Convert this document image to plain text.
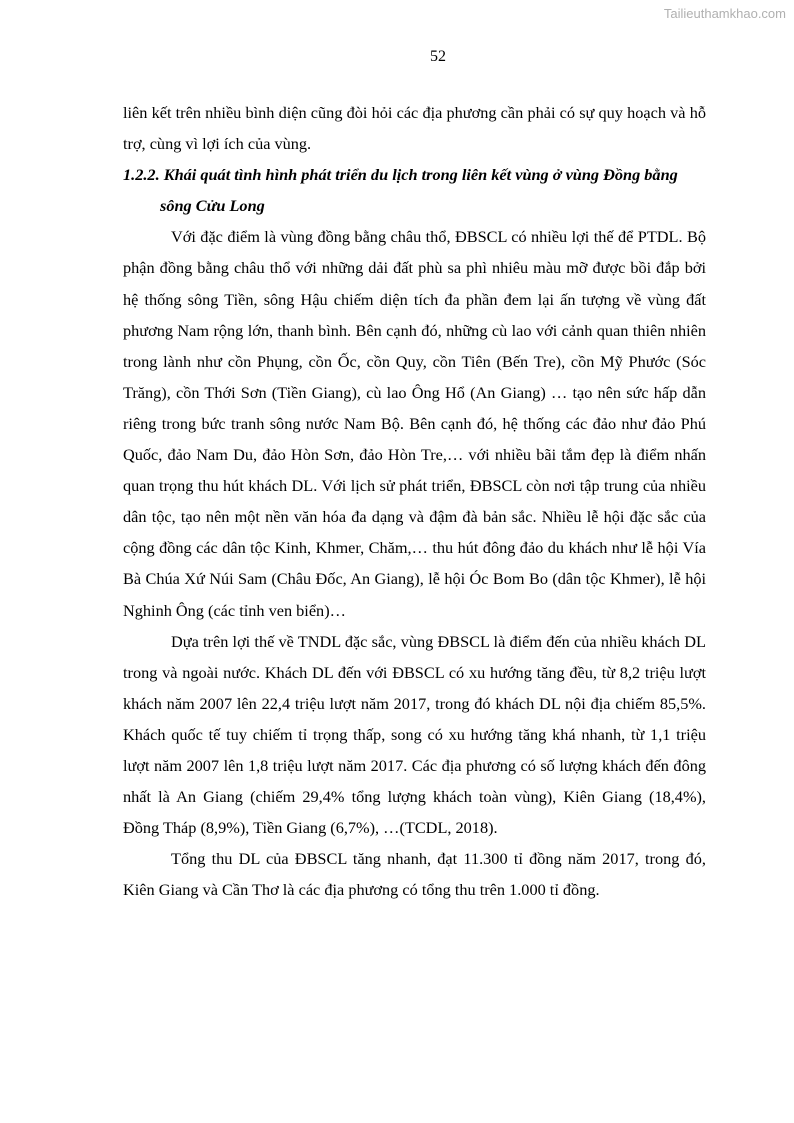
Tailieuthamkhao.com
52

liên kết trên nhiều bình diện cũng đòi hỏi các địa phương cần phải có sự quy hoạch và hỗ trợ, cùng vì lợi ích của vùng.

1.2.2. Khái quát tình hình phát triển du lịch trong liên kết vùng ở vùng Đồng bằng sông Cửu Long

Với đặc điểm là vùng đồng bằng châu thổ, ĐBSCL có nhiều lợi thế để PTDL. Bộ phận đồng bằng châu thổ với những dải đất phù sa phì nhiêu màu mỡ được bồi đắp bởi hệ thống sông Tiền, sông Hậu chiếm diện tích đa phần đem lại ấn tượng về vùng đất phương Nam rộng lớn, thanh bình. Bên cạnh đó, những cù lao với cảnh quan thiên nhiên trong lành như cồn Phụng, cồn Ốc, cồn Quy, cồn Tiên (Bến Tre), cồn Mỹ Phước (Sóc Trăng), cồn Thới Sơn (Tiền Giang), cù lao Ông Hổ (An Giang) … tạo nên sức hấp dẫn riêng trong bức tranh sông nước Nam Bộ. Bên cạnh đó, hệ thống các đảo như đảo Phú Quốc, đảo Nam Du, đảo Hòn Sơn, đảo Hòn Tre,… với nhiều bãi tắm đẹp là điểm nhấn quan trọng thu hút khách DL. Với lịch sử phát triển, ĐBSCL còn nơi tập trung của nhiều dân tộc, tạo nên một nền văn hóa đa dạng và đậm đà bản sắc. Nhiều lễ hội đặc sắc của cộng đồng các dân tộc Kinh, Khmer, Chăm,… thu hút đông đảo du khách như lễ hội Vía Bà Chúa Xứ Núi Sam (Châu Đốc, An Giang), lễ hội Óc Bom Bo (dân tộc Khmer), lễ hội Nghinh Ông (các tỉnh ven biển)…

Dựa trên lợi thế về TNDL đặc sắc, vùng ĐBSCL là điểm đến của nhiều khách DL trong và ngoài nước. Khách DL đến với ĐBSCL có xu hướng tăng đều, từ 8,2 triệu lượt khách năm 2007 lên 22,4 triệu lượt năm 2017, trong đó khách DL nội địa chiếm 85,5%. Khách quốc tế tuy chiếm tỉ trọng thấp, song có xu hướng tăng khá nhanh, từ 1,1 triệu lượt năm 2007 lên 1,8 triệu lượt năm 2017. Các địa phương có số lượng khách đến đông nhất là An Giang (chiếm 29,4% tổng lượng khách toàn vùng), Kiên Giang (18,4%), Đồng Tháp (8,9%), Tiền Giang (6,7%), …(TCDL, 2018).

Tổng thu DL của ĐBSCL tăng nhanh, đạt 11.300 tỉ đồng năm 2017, trong đó, Kiên Giang và Cần Thơ là các địa phương có tổng thu trên 1.000 tỉ đồng.
